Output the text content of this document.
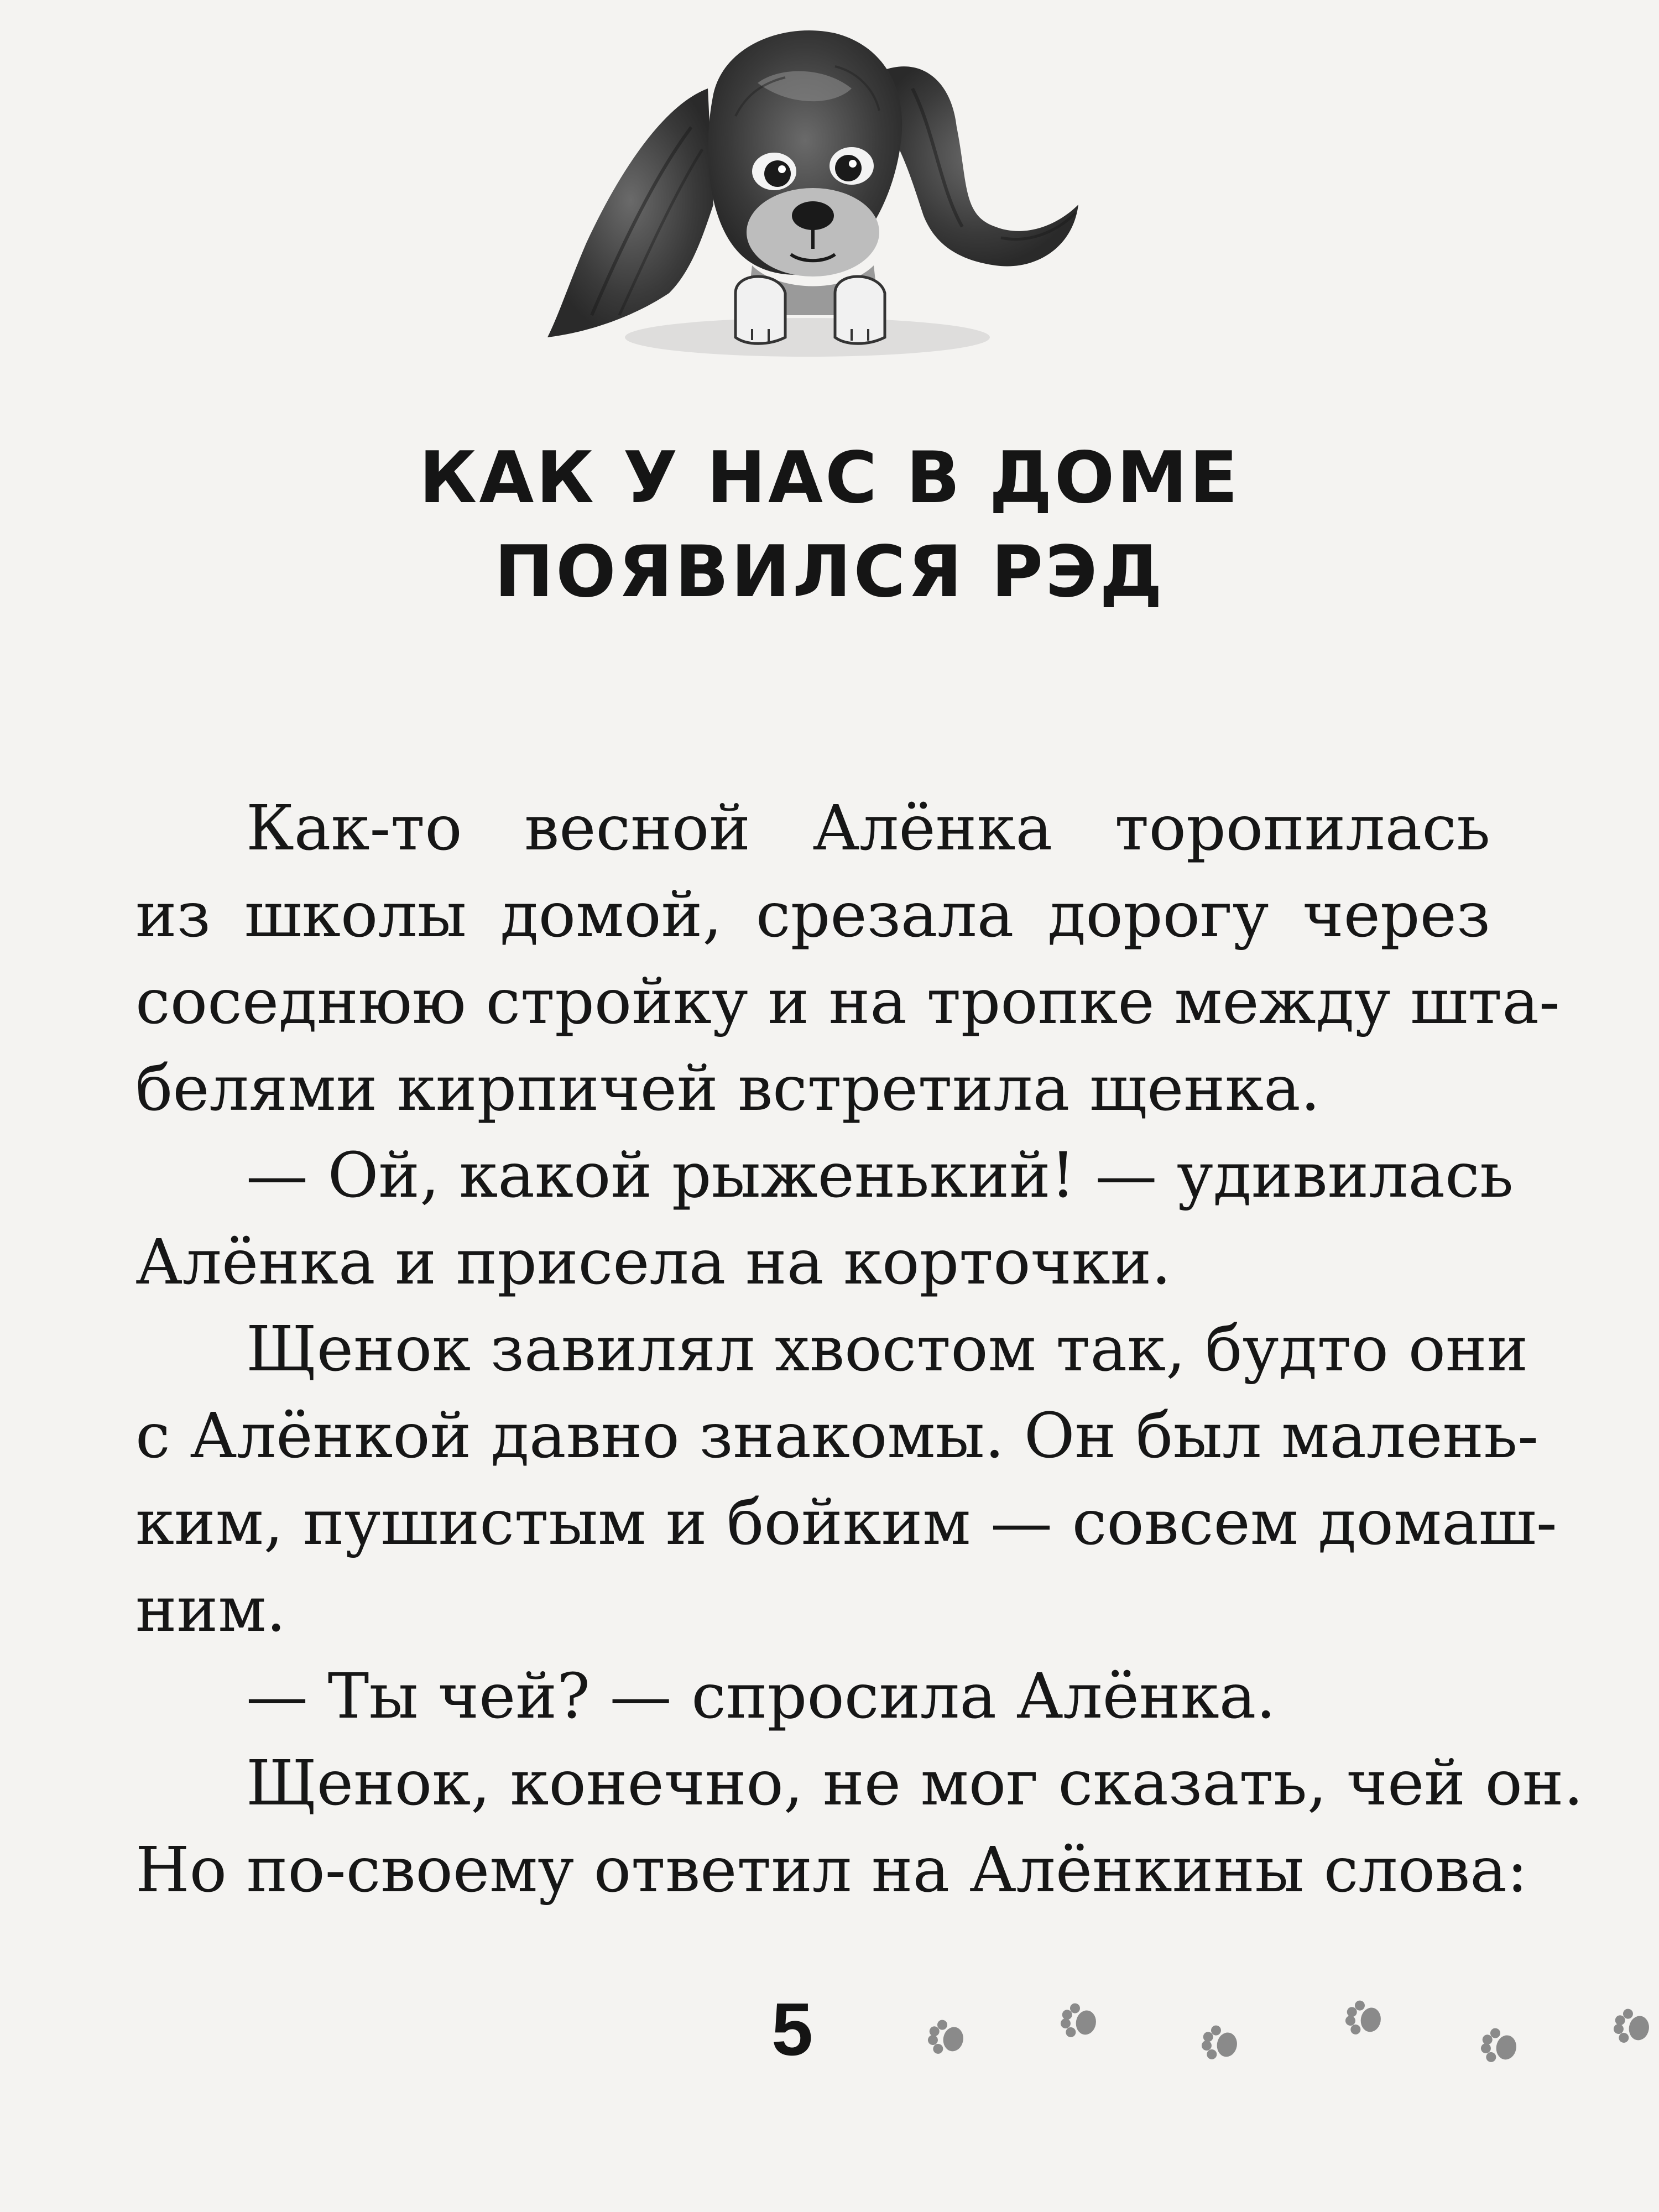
КАК У НАС В ДОМЕ
ПОЯВИЛСЯ РЭД
Как-то весной Алёнка торопилась
из школы домой, срезала дорогу через
соседнюю стройку и на тропке между шта-
белями кирпичей встретила щенка.
— Ой, какой рыженький! — удивилась
Алёнка и присела на корточки.
Щенок завилял хвостом так, будто они
с Алёнкой давно знакомы. Он был малень-
ким, пушистым и бойким — совсем домаш-
ним.
— Ты чей? — спросила Алёнка.
Щенок, конечно, не мог сказать, чей он.
Но по-своему ответил на Алёнкины слова:
5
